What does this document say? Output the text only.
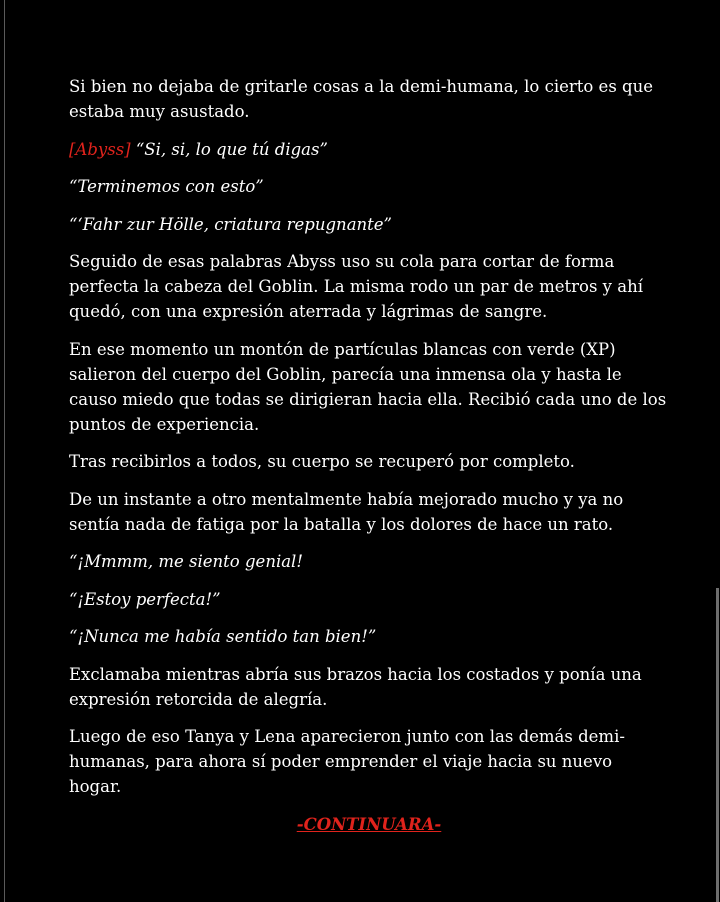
Si bien no dejaba de gritarle cosas a la demi-humana, lo cierto es que estaba muy asustado.

[Abyss] “Si, si, lo que tú digas”

“Terminemos con esto”

“‘Fahr zur Hölle, criatura repugnante”

Seguido de esas palabras Abyss uso su cola para cortar de forma perfecta la cabeza del Goblin. La misma rodo un par de metros y ahí quedó, con una expresión aterrada y lágrimas de sangre.

En ese momento un montón de partículas blancas con verde (XP) salieron del cuerpo del Goblin, parecía una inmensa ola y hasta le causo miedo que todas se dirigieran hacia ella. Recibió cada uno de los puntos de experiencia.

Tras recibirlos a todos, su cuerpo se recuperó por completo.

De un instante a otro mentalmente había mejorado mucho y ya no sentía nada de fatiga por la batalla y los dolores de hace un rato.

“¡Mmmm, me siento genial!

“¡Estoy perfecta!”

“¡Nunca me había sentido tan bien!”

Exclamaba mientras abría sus brazos hacia los costados y ponía una expresión retorcida de alegría.

Luego de eso Tanya y Lena aparecieron junto con las demás demi-humanas, para ahora sí poder emprender el viaje hacia su nuevo hogar.

-CONTINUARA-
